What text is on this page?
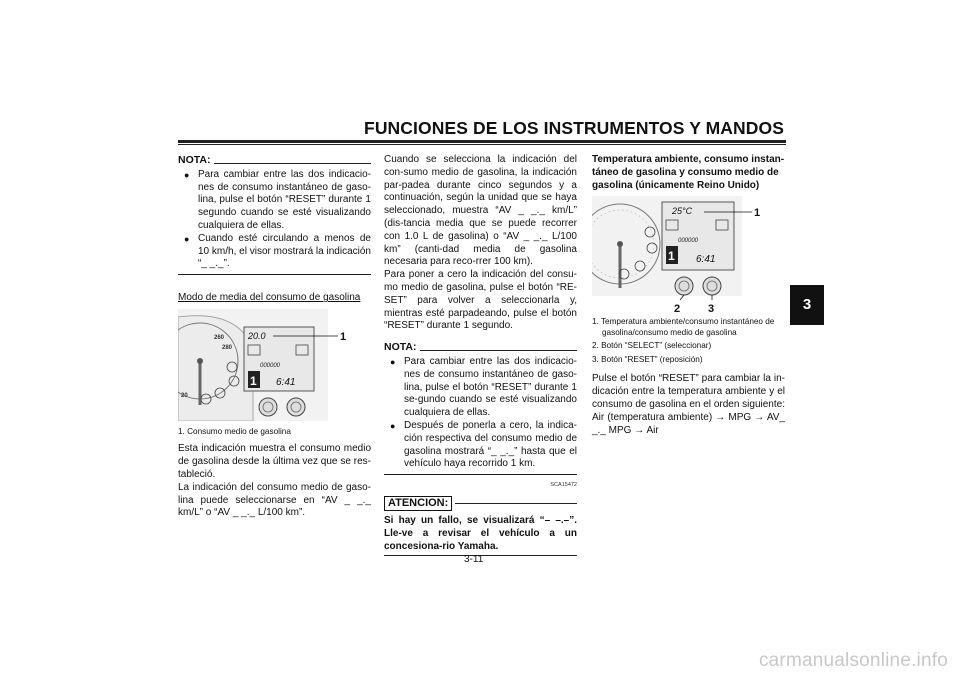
FUNCIONES DE LOS INSTRUMENTOS Y MANDOS
3
NOTA:
● Para cambiar entre las dos indicacio-nes de consumo instantáneo de gaso-lina, pulse el botón “RESET” durante 1 segundo cuando se esté visualizando cualquiera de ellas.
● Cuando esté circulando a menos de 10 km/h, el visor mostrará la indicación “_ _._”.

Modo de media del consumo de gasolina

260
280
20
20.0
000000
1 6:41
1

1. Consumo medio de gasolina

Esta indicación muestra el consumo medio de gasolina desde la última vez que se res-tableció.

La indicación del consumo medio de gaso-lina puede seleccionarse en “AV _ _._ km/L” o “AV _ _._ L/100 km”.

Cuando se selecciona la indicación del con-sumo medio de gasolina, la indicación par-padea durante cinco segundos y a continuación, según la unidad que se haya seleccionado, muestra “AV _ _._ km/L” (dis-tancia media que se puede recorrer con 1.0 L de gasolina) o “AV _ _._ L/100 km” (canti-dad media de gasolina necesaria para reco-rrer 100 km).

Para poner a cero la indicación del consu-mo medio de gasolina, pulse el botón “RE-SET” para volver a seleccionarla y, mientras esté parpadeando, pulse el botón “RESET” durante 1 segundo.

NOTA:
● Para cambiar entre las dos indicacio-nes de consumo instantáneo de gaso-lina, pulse el botón “RESET” durante 1 se-gundo cuando se esté visualizando cualquiera de ellas.
● Después de ponerla a cero, la indica-ción respectiva del consumo medio de gasolina mostrará “_ _._” hasta que el vehículo haya recorrido 1 km.
SCA15472
ATENCION:

Si hay un fallo, se visualizará “– –.–”. Lle-ve a revisar el vehículo a un concesiona-rio Yamaha.

Temperatura ambiente, consumo instan-táneo de gasolina y consumo medio de gasolina (únicamente Reino Unido)

25°C
000000
1 6:41
1
2	3

1. Temperatura ambiente/consumo instantáneo de gasolina/consumo medio de gasolina

2. Botón “SELECT” (seleccionar)

3. Botón “RESET” (reposición)

Pulse el botón “RESET” para cambiar la in-dicación entre la temperatura ambiente y el consumo de gasolina en el orden siguiente: Air (temperatura ambiente) → MPG → AV_ _._ MPG → Air

3-11
carmanualsonline.info
